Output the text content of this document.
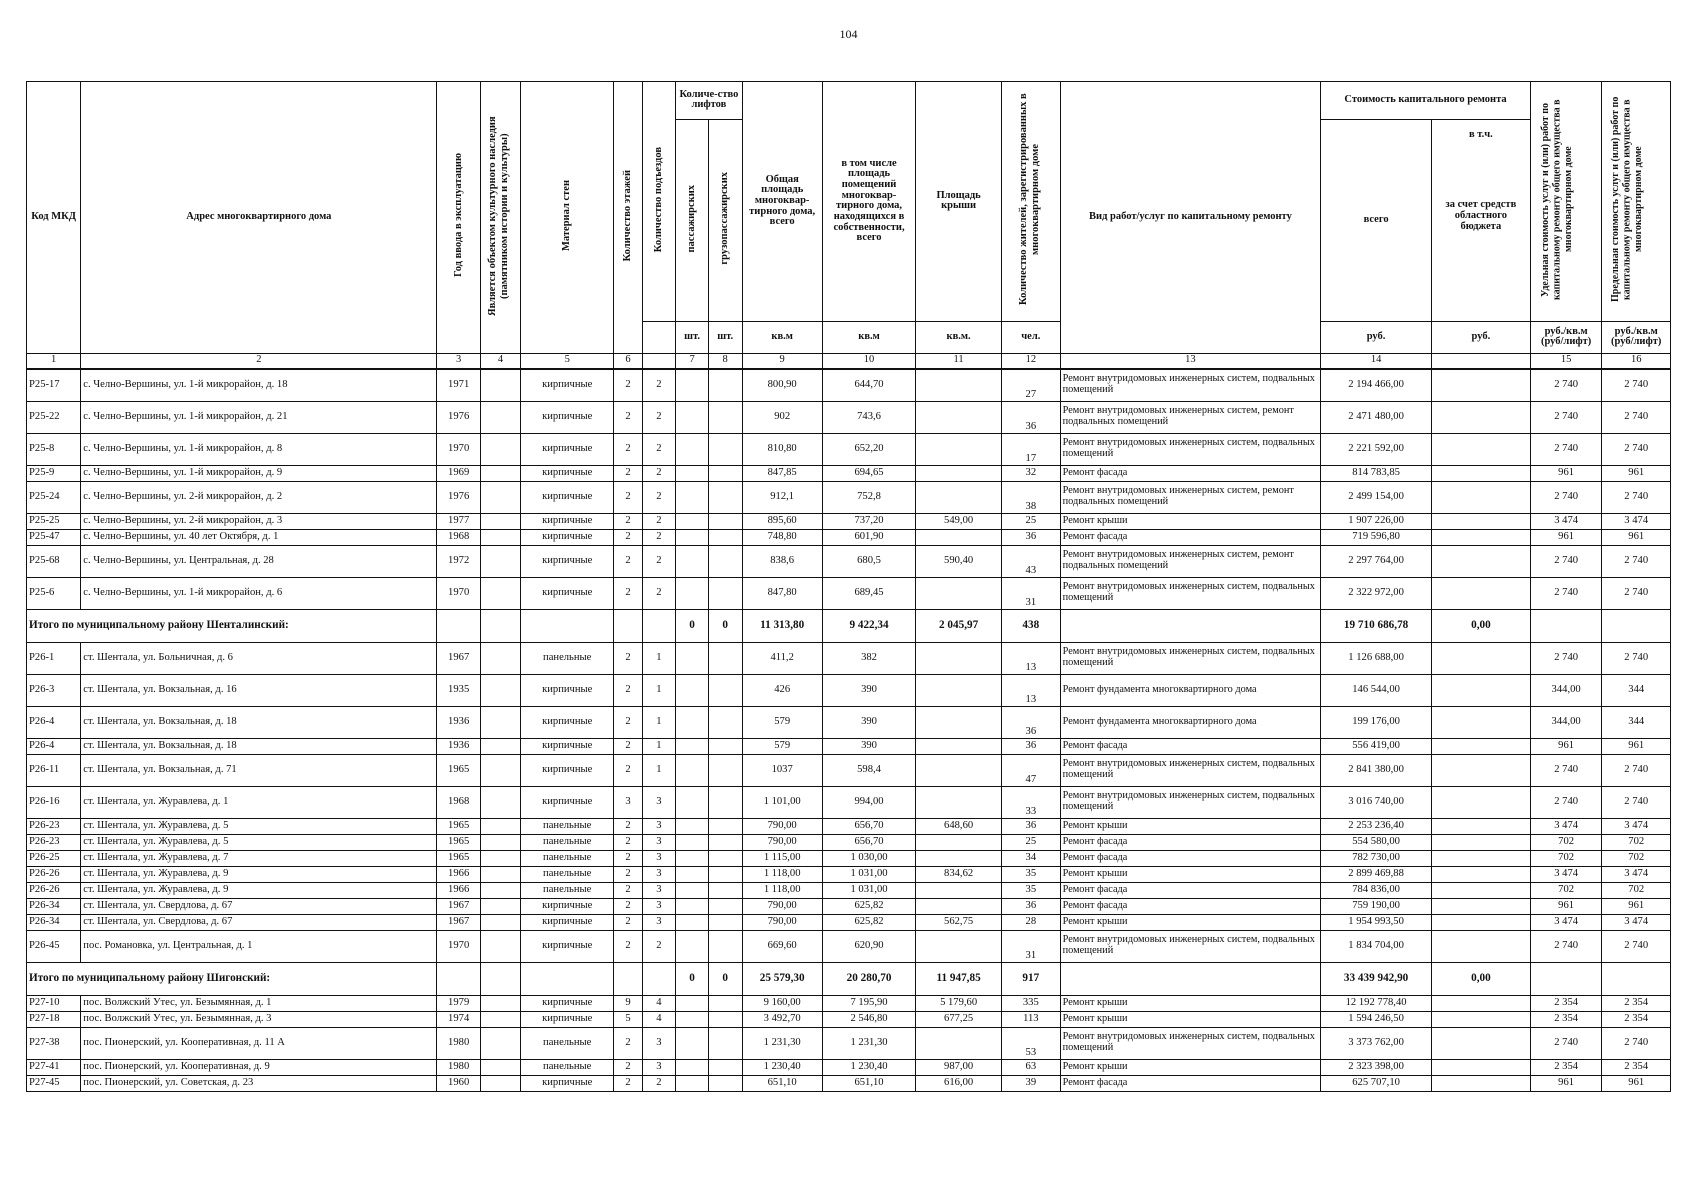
104
Код МКД	Адрес многоквартирного дома	Год ввода в эксплуатацию	Является объектом культурного наследия (памятником истории и культуры)	Материал стен	Количество этажей	Количество подъездов	Количе-ство лифтов		Общая площадь многоквар-тирного дома, всего	в том числе площадь помещений многоквар-тирного дома, находящихся в собственности, всего	Площадь крыши	Количество жителей, зарегистрированных в многоквартирном доме	Вид работ/услуг по капитальному ремонту	Стоимость капитального ремонта		Удельная стоимость услуг и (или) работ по капитальному ремонту общего имущества в многоквартирном доме	Предельная стоимость услуг и (или) работ по капитальному ремонту общего имущества в многоквартирном доме
							пассажирских	грузопассажирских						всего	в т.ч.
за счет средств областного бюджета		

							шт.	шт.	кв.м	кв.м	кв.м.	чел.		руб.	руб.	руб./кв.м (руб/лифт)	руб./кв.м (руб/лифт)
1	2	3	4	5	6		7	8	9	10	11	12	13	14		15	16
Р25-17	с. Челно-Вершины, ул. 1-й микрорайон, д. 18	1971		кирпичные	2	2			800,90	644,70		27	Ремонт внутридомовых инженерных систем, подвальных помещений	2 194 466,00		2 740	2 740
Р25-22	с. Челно-Вершины, ул. 1-й микрорайон, д. 21	1976		кирпичные	2	2			902	743,6		36	Ремонт внутридомовых инженерных систем, ремонт подвальных помещений	2 471 480,00		2 740	2 740
Р25-8	с. Челно-Вершины, ул. 1-й микрорайон, д. 8	1970		кирпичные	2	2			810,80	652,20		17	Ремонт внутридомовых инженерных систем, подвальных помещений	2 221 592,00		2 740	2 740
Р25-9	с. Челно-Вершины, ул. 1-й микрорайон, д. 9	1969		кирпичные	2	2			847,85	694,65		32	Ремонт фасада	814 783,85		961	961
Р25-24	с. Челно-Вершины, ул. 2-й микрорайон, д. 2	1976		кирпичные	2	2			912,1	752,8		38	Ремонт внутридомовых инженерных систем, ремонт подвальных помещений	2 499 154,00		2 740	2 740
Р25-25	с. Челно-Вершины, ул. 2-й микрорайон, д. 3	1977		кирпичные	2	2			895,60	737,20	549,00	25	Ремонт крыши	1 907 226,00		3 474	3 474
Р25-47	с. Челно-Вершины, ул. 40 лет Октября, д. 1	1968		кирпичные	2	2			748,80	601,90		36	Ремонт фасада	719 596,80		961	961
Р25-68	с. Челно-Вершины, ул. Центральная, д. 28	1972		кирпичные	2	2			838,6	680,5	590,40	43	Ремонт внутридомовых инженерных систем, ремонт подвальных помещений	2 297 764,00		2 740	2 740
Р25-6	с. Челно-Вершины, ул. 1-й микрорайон, д. 6	1970		кирпичные	2	2			847,80	689,45		31	Ремонт внутридомовых инженерных систем, подвальных помещений	2 322 972,00		2 740	2 740
Итого по муниципальному району Шенталинский:							0	0	11 313,80	9 422,34	2 045,97	438		19 710 686,78	0,00		
Р26-1	ст. Шентала, ул. Больничная, д. 6	1967		панельные	2	1			411,2	382		13	Ремонт внутридомовых инженерных систем, подвальных помещений	1 126 688,00		2 740	2 740
Р26-3	ст. Шентала, ул. Вокзальная, д. 16	1935		кирпичные	2	1			426	390		13	Ремонт фундамента многоквартирного дома	146 544,00		344,00	344
Р26-4	ст. Шентала, ул. Вокзальная, д. 18	1936		кирпичные	2	1			579	390		36	Ремонт фундамента многоквартирного дома	199 176,00		344,00	344
Р26-4	ст. Шентала, ул. Вокзальная, д. 18	1936		кирпичные	2	1			579	390		36	Ремонт фасада	556 419,00		961	961
Р26-11	ст. Шентала, ул. Вокзальная, д. 71	1965		кирпичные	2	1			1037	598,4		47	Ремонт внутридомовых инженерных систем, подвальных помещений	2 841 380,00		2 740	2 740
Р26-16	ст. Шентала, ул. Журавлева, д. 1	1968		кирпичные	3	3			1 101,00	994,00		33	Ремонт внутридомовых инженерных систем, подвальных помещений	3 016 740,00		2 740	2 740
Р26-23	ст. Шентала, ул. Журавлева, д. 5	1965		панельные	2	3			790,00	656,70	648,60	36	Ремонт крыши	2 253 236,40		3 474	3 474
Р26-23	ст. Шентала, ул. Журавлева, д. 5	1965		панельные	2	3			790,00	656,70		25	Ремонт фасада	554 580,00		702	702
Р26-25	ст. Шентала, ул. Журавлева, д. 7	1965		панельные	2	3			1 115,00	1 030,00		34	Ремонт фасада	782 730,00		702	702
Р26-26	ст. Шентала, ул. Журавлева, д. 9	1966		панельные	2	3			1 118,00	1 031,00	834,62	35	Ремонт крыши	2 899 469,88		3 474	3 474
Р26-26	ст. Шентала, ул. Журавлева, д. 9	1966		панельные	2	3			1 118,00	1 031,00		35	Ремонт фасада	784 836,00		702	702
Р26-34	ст. Шентала, ул. Свердлова, д. 67	1967		кирпичные	2	3			790,00	625,82		36	Ремонт фасада	759 190,00		961	961
Р26-34	ст. Шентала, ул. Свердлова, д. 67	1967		кирпичные	2	3			790,00	625,82	562,75	28	Ремонт крыши	1 954 993,50		3 474	3 474
Р26-45	пос. Романовка, ул. Центральная, д. 1	1970		кирпичные	2	2			669,60	620,90		31	Ремонт внутридомовых инженерных систем, подвальных помещений	1 834 704,00		2 740	2 740
Итого по муниципальному району Шигонский:							0	0	25 579,30	20 280,70	11 947,85	917		33 439 942,90	0,00		
Р27-10	пос. Волжский Утес, ул. Безымянная, д. 1	1979		кирпичные	9	4			9 160,00	7 195,90	5 179,60	335	Ремонт крыши	12 192 778,40		2 354	2 354
Р27-18	пос. Волжский Утес, ул. Безымянная, д. 3	1974		кирпичные	5	4			3 492,70	2 546,80	677,25	113	Ремонт крыши	1 594 246,50		2 354	2 354
Р27-38	пос. Пионерский, ул. Кооперативная, д. 11 А	1980		панельные	2	3			1 231,30	1 231,30		53	Ремонт внутридомовых инженерных систем, подвальных помещений	3 373 762,00		2 740	2 740
Р27-41	пос. Пионерский, ул. Кооперативная, д. 9	1980		панельные	2	3			1 230,40	1 230,40	987,00	63	Ремонт крыши	2 323 398,00		2 354	2 354
Р27-45	пос. Пионерский, ул. Советская, д. 23	1960		кирпичные	2	2			651,10	651,10	616,00	39	Ремонт фасада	625 707,10		961	961
